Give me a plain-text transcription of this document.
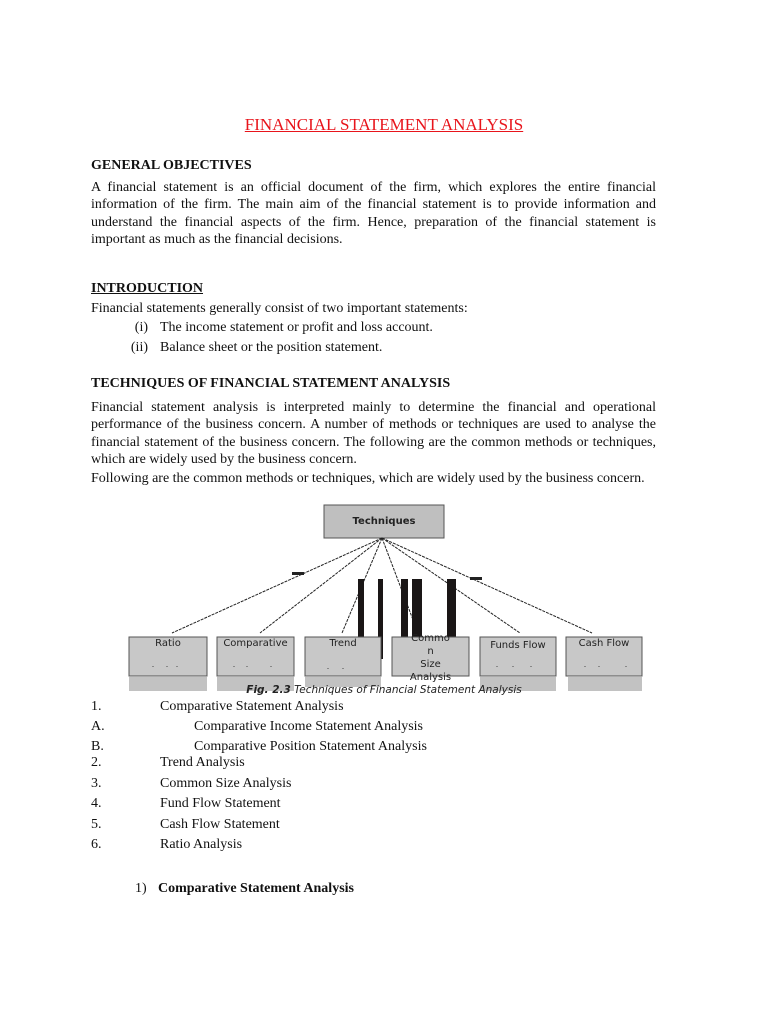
FINANCIAL STATEMENT ANALYSIS
GENERAL OBJECTIVES
A financial statement is an official document of the firm, which explores the entire financial information of the firm. The main aim of the financial statement is to provide information and understand the financial aspects of the firm. Hence, preparation of the financial statement is important as much as the financial decisions.
INTRODUCTION
Financial statements generally consist of two important statements:
(i) The income statement or profit and loss account.
(ii) Balance sheet or the position statement.
TECHNIQUES OF FINANCIAL STATEMENT ANALYSIS
Financial statement analysis is interpreted mainly to determine the financial and operational performance of the business concern. A number of methods or techniques are used to analyse the financial statement of the business concern. The following are the common methods or techniques, which are widely used by the business concern.
Following are the common methods or techniques, which are widely used by the business concern.
Techniques
Ratio	Comparative	Trend	Commo
n
Size
Analysis
Funds Flow	Cash Flow
Fig. 2.3 Techniques of Financial Statement Analysis
1.	Comparative Statement Analysis
A.	Comparative Income Statement Analysis
B.	Comparative Position Statement Analysis
2.	Trend Analysis
3.	Common Size Analysis
4.	Fund Flow Statement
5.	Cash Flow Statement
6.	Ratio Analysis
1) Comparative Statement Analysis
